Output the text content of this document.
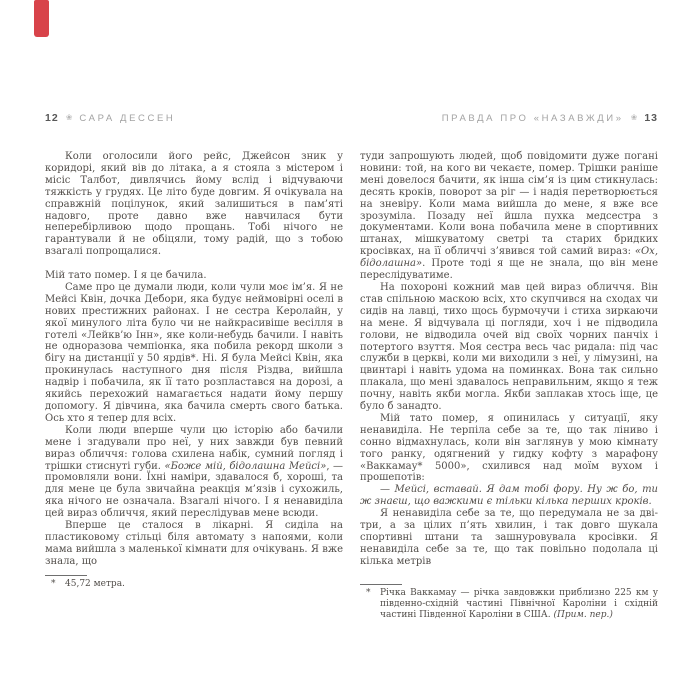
12 ❀ САРА ДЕССЕН

Коли оголосили його рейс, Джейсон зник у коридорі, який вів до літака, а я стояла з містером і місіс Талбот, дивлячись йому вслід і відчуваючи тяжкість у грудях. Це літо буде довгим. Я очікувала на справжній поцілунок, який залишиться в пам’яті надовго, проте давно вже навчилася бути неперебірливою щодо прощань. Тобі нічого не гарантували й не обіцяли, тому радій, що з тобою взагалі попрощалися.

Мій тато помер. І я це бачила.

Саме про це думали люди, коли чули моє ім’я. Я не Мейсі Квін, дочка Дебори, яка будує неймовірні оселі в нових престижних районах. І не сестра Керолайн, у якої минулого літа було чи не найкрасивіше весілля в готелі «Лейкв’ю Інн», яке коли-небудь бачили. І навіть не одноразова чемпіонка, яка побила рекорд школи з бігу на дистанції у 50 ярдів*. Ні. Я була Мейсі Квін, яка прокинулась наступного дня після Різдва, вийшла надвір і побачила, як її тато розпластався на дорозі, а якийсь перехожий намагається надати йому першу допомогу. Я дівчина, яка бачила смерть свого батька. Ось хто я тепер для всіх.

Коли люди вперше чули цю історію або бачили мене і згадували про неї, у них завжди був певний вираз обличчя: голова схилена набік, сумний погляд і трішки стиснуті губи. «Боже мій, бідолашна Мейсі», — промовляли вони. Їхні наміри, здавалося б, хороші, та для мене це була звичайна реакція м’язів і сухожиль, яка нічого не означала. Взагалі нічого. І я ненавиділа цей вираз обличчя, який переслідував мене всюди.

Вперше це сталося в лікарні. Я сиділа на пластиковому стільці біля автомату з напоями, коли мама вийшла з маленької кімнати для очікувань. Я вже знала, що

*	45,72 метра.
ПРАВДА ПРО «НАЗАВЖДИ» ❀ 13

туди запрошують людей, щоб повідомити дуже погані новини: той, на кого ви чекаєте, помер. Трішки раніше мені довелося бачити, як інша сім’я із цим стикнулась: десять кроків, поворот за ріг — і надія перетворюється на зневіру. Коли мама вийшла до мене, я вже все зрозуміла. Позаду неї йшла пухка медсестра з документами. Коли вона побачила мене в спортивних штанах, мішкуватому светрі та старих бридких кросівках, на її обличчі з’явився той самий вираз: «Ох, бідолашна». Проте тоді я ще не знала, що він мене переслідуватиме.

На похороні кожний мав цей вираз обличчя. Він став спільною маскою всіх, хто скупчився на сходах чи сидів на лавці, тихо щось бурмочучи і стиха зиркаючи на мене. Я відчувала ці погляди, хоч і не підводила голови, не відводила очей від своїх чорних панчіх і потертого взуття. Моя сестра весь час ридала: під час служби в церкві, коли ми виходили з неї, у лімузині, на цвинтарі і навіть удома на поминках. Вона так сильно плакала, що мені здавалось неправильним, якщо я теж почну, навіть якби могла. Якби заплакав хтось іще, це було б занадто.

Мій тато помер, я опинилась у ситуації, яку ненавиділа. Не терпіла себе за те, що так ліниво і сонно відмахнулась, коли він заглянув у мою кімнату того ранку, одягнений у гидку кофту з марафону «Ваккамау* 5000», схилився над моїм вухом і прошепотів:

— Мейсі, вставай. Я дам тобі фору. Ну ж бо, ти ж знаєш, що важкими є тільки кілька перших кроків.

Я ненавиділа себе за те, що передумала не за дві-три, а за цілих п’ять хвилин, і так довго шукала спортивні штани та зашнуровувала кросівки. Я ненавиділа себе за те, що так повільно подолала ці кілька метрів

*	Річка Ваккамау — річка завдовжки приблизно 225 км у південно-східній частині Північної Кароліни і східній частині Південної Кароліни в США. (Прим. пер.)
